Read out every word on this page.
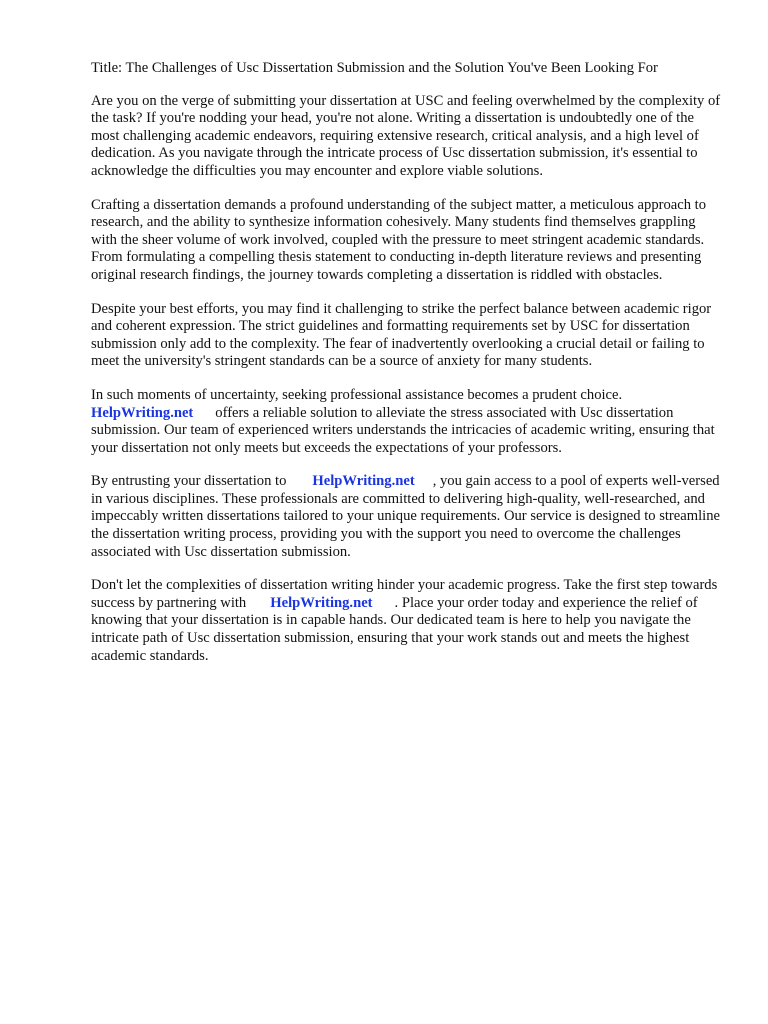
Title: The Challenges of Usc Dissertation Submission and the Solution You've Been Looking For

Are you on the verge of submitting your dissertation at USC and feeling overwhelmed by the complexity of the task? If you're nodding your head, you're not alone. Writing a dissertation is undoubtedly one of the most challenging academic endeavors, requiring extensive research, critical analysis, and a high level of dedication. As you navigate through the intricate process of Usc dissertation submission, it's essential to acknowledge the difficulties you may encounter and explore viable solutions.

Crafting a dissertation demands a profound understanding of the subject matter, a meticulous approach to research, and the ability to synthesize information cohesively. Many students find themselves grappling with the sheer volume of work involved, coupled with the pressure to meet stringent academic standards. From formulating a compelling thesis statement to conducting in-depth literature reviews and presenting original research findings, the journey towards completing a dissertation is riddled with obstacles.

Despite your best efforts, you may find it challenging to strike the perfect balance between academic rigor and coherent expression. The strict guidelines and formatting requirements set by USC for dissertation submission only add to the complexity. The fear of inadvertently overlooking a crucial detail or failing to meet the university's stringent standards can be a source of anxiety for many students.

In such moments of uncertainty, seeking professional assistance becomes a prudent choice. HelpWriting.net offers a reliable solution to alleviate the stress associated with Usc dissertation submission. Our team of experienced writers understands the intricacies of academic writing, ensuring that your dissertation not only meets but exceeds the expectations of your professors.

By entrusting your dissertation to HelpWriting.net , you gain access to a pool of experts well-versed in various disciplines. These professionals are committed to delivering high-quality, well-researched, and impeccably written dissertations tailored to your unique requirements. Our service is designed to streamline the dissertation writing process, providing you with the support you need to overcome the challenges associated with Usc dissertation submission.

Don't let the complexities of dissertation writing hinder your academic progress. Take the first step towards success by partnering with HelpWriting.net . Place your order today and experience the relief of knowing that your dissertation is in capable hands. Our dedicated team is here to help you navigate the intricate path of Usc dissertation submission, ensuring that your work stands out and meets the highest academic standards.
